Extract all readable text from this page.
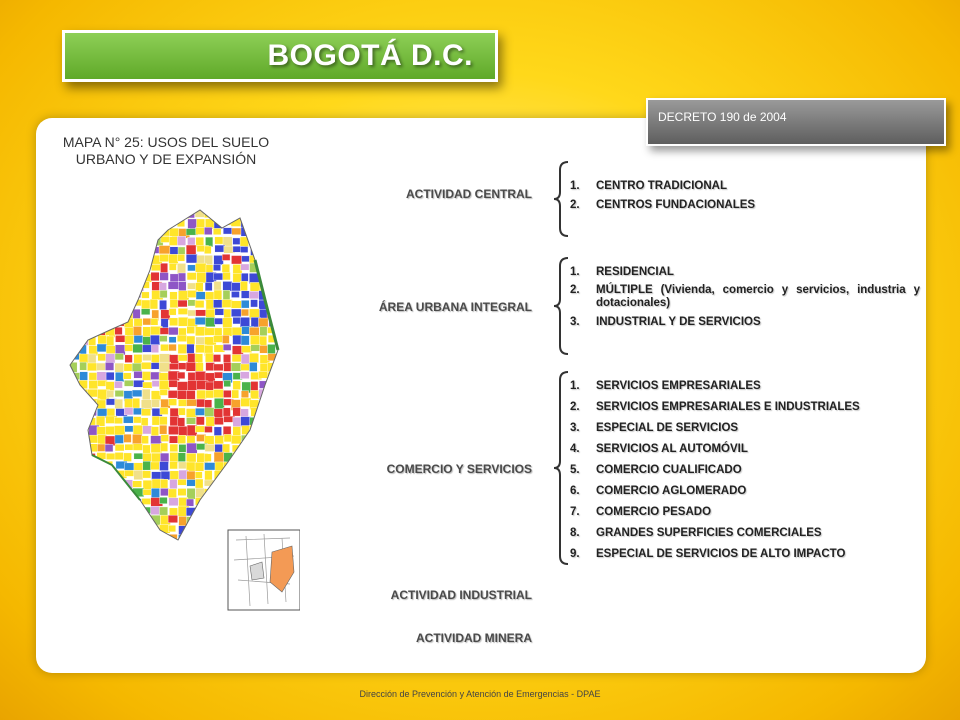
BOGOTÁ D.C.
DECRETO 190 de 2004
MAPA N° 25: USOS DEL SUELO URBANO Y DE EXPANSIÓN
ACTIVIDAD CENTRAL
1. CENTRO TRADICIONAL
2. CENTROS FUNDACIONALES
ÁREA URBANA INTEGRAL
1. RESIDENCIAL
2. MÚLTIPLE (Vivienda, comercio y servicios, industria y dotacionales)
3. INDUSTRIAL Y DE SERVICIOS
COMERCIO Y SERVICIOS
1. SERVICIOS EMPRESARIALES
2. SERVICIOS EMPRESARIALES E INDUSTRIALES
3. ESPECIAL DE SERVICIOS
4. SERVICIOS AL AUTOMÓVIL
5. COMERCIO CUALIFICADO
6. COMERCIO AGLOMERADO
7. COMERCIO PESADO
8. GRANDES SUPERFICIES COMERCIALES
9. ESPECIAL DE SERVICIOS DE ALTO IMPACTO
ACTIVIDAD INDUSTRIAL
ACTIVIDAD MINERA
Dirección de Prevención y Atención de Emergencias - DPAE
